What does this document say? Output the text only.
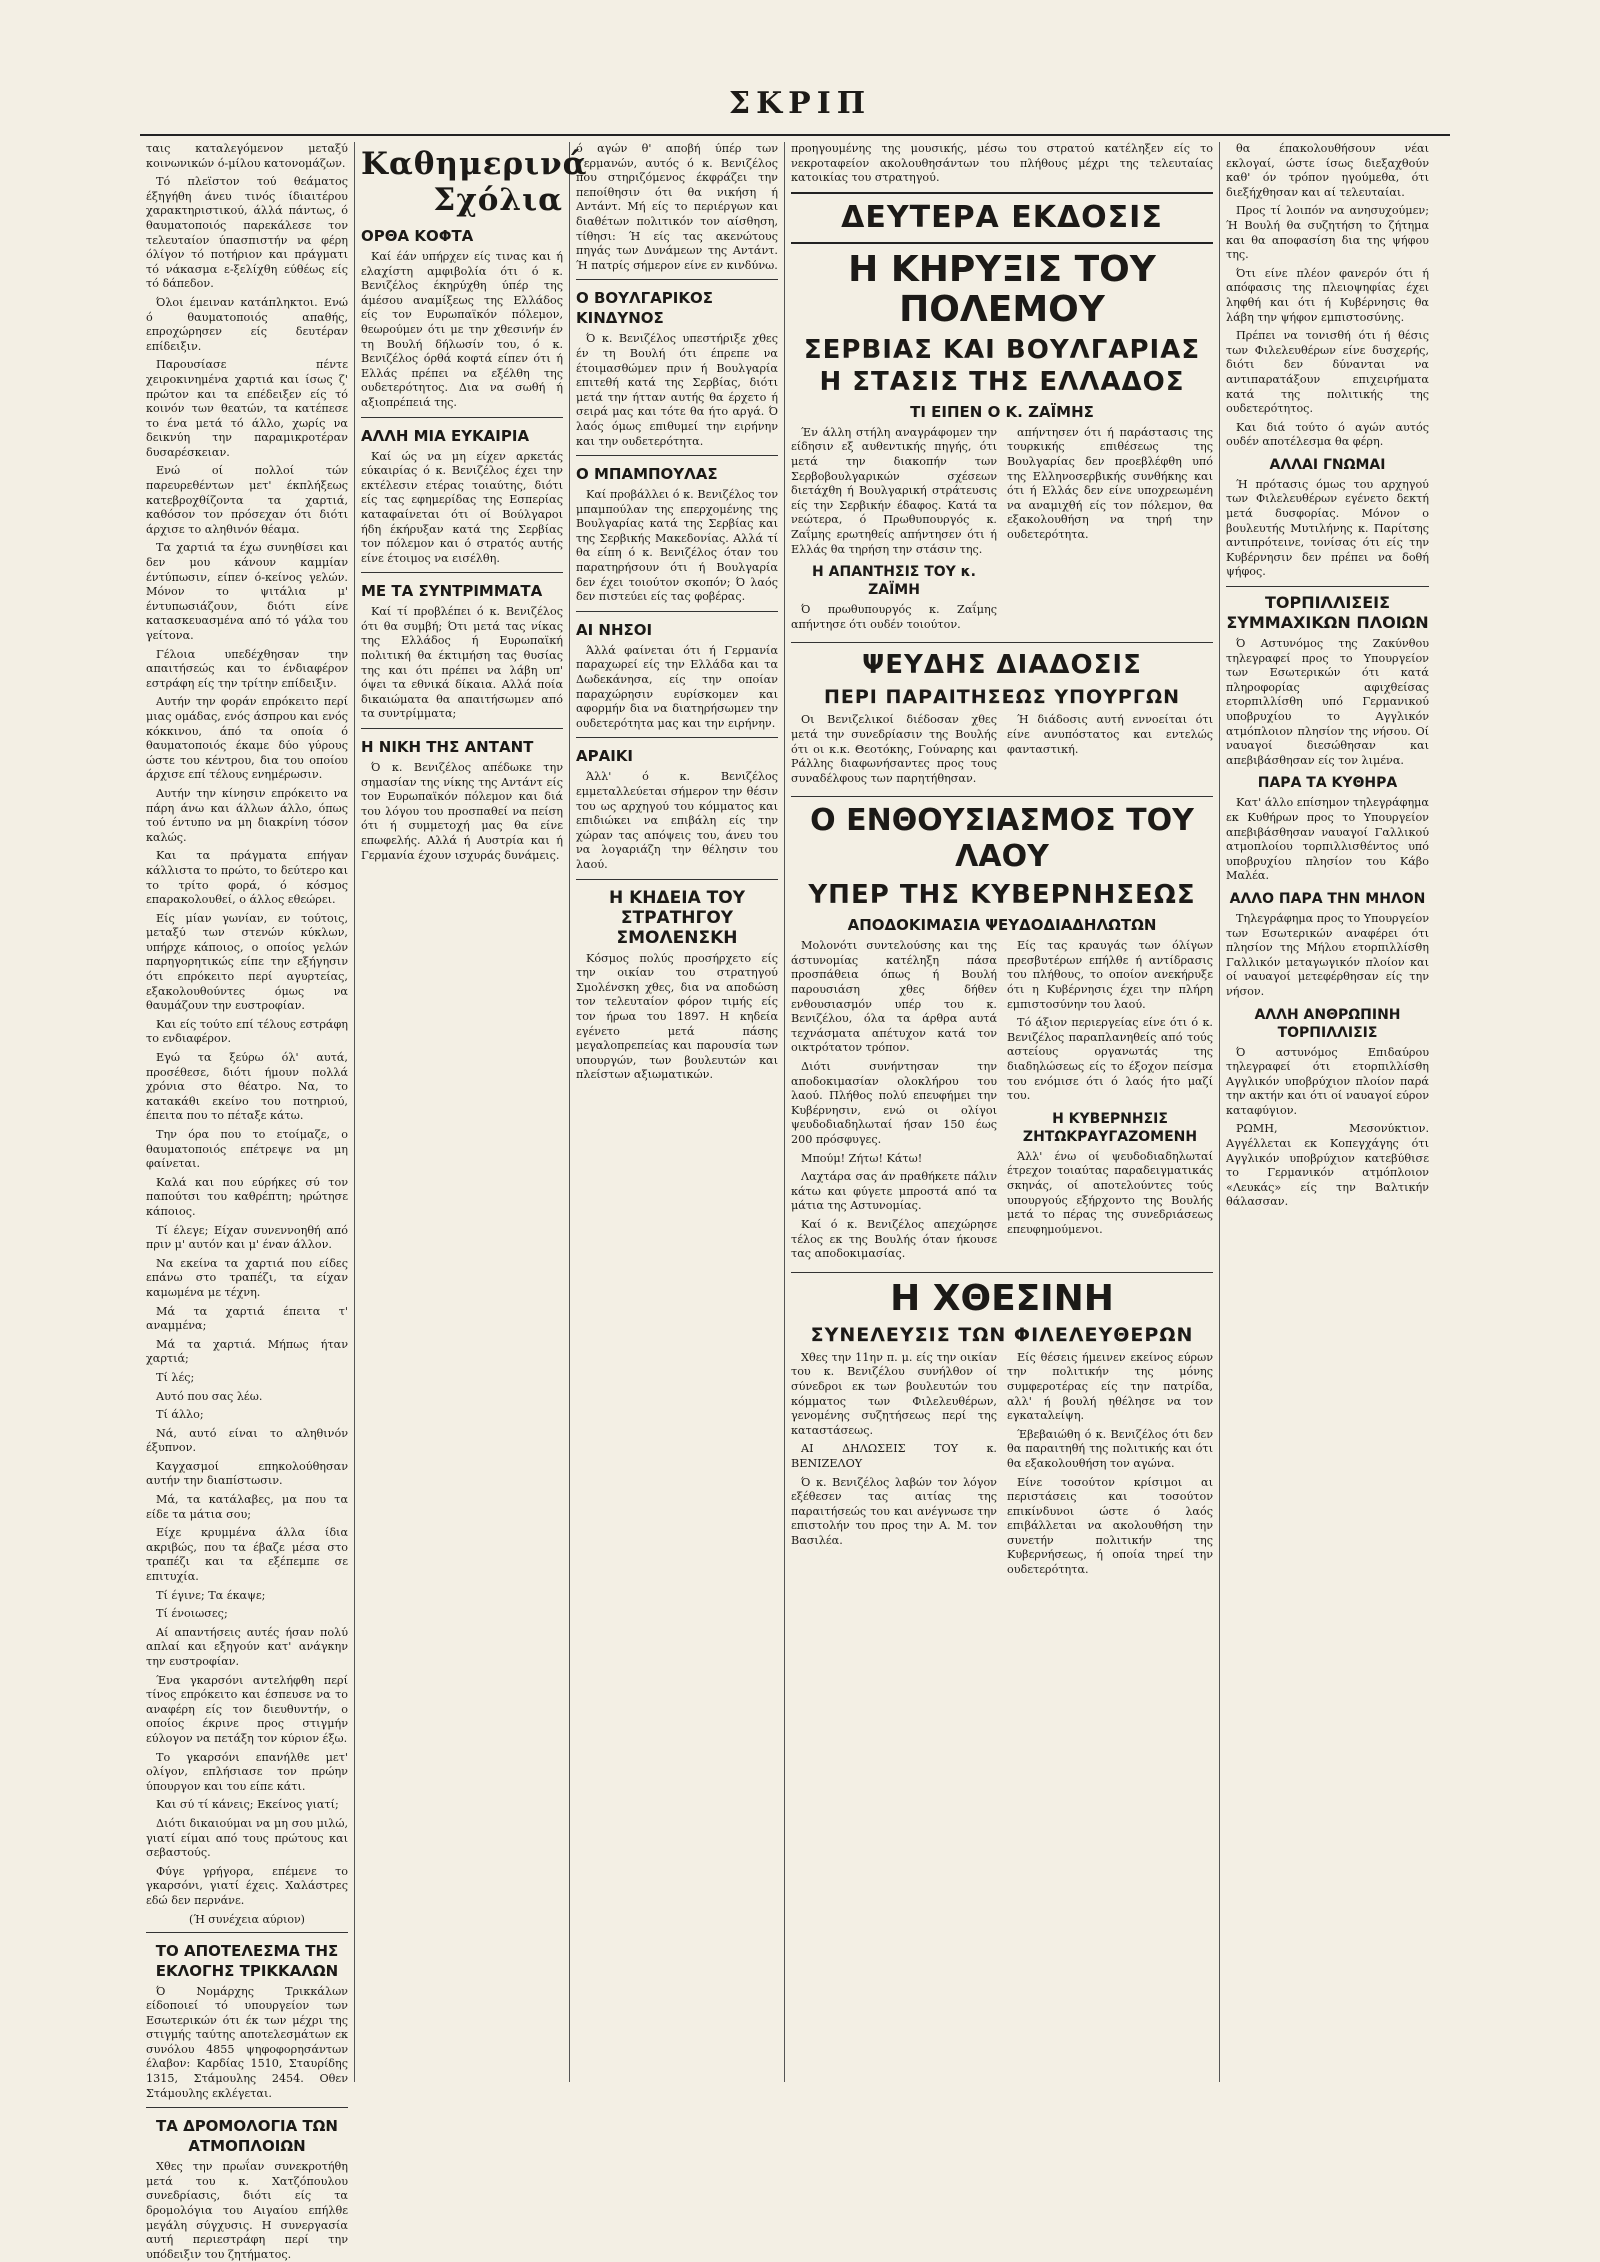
ΣΚΡΙΠ

ταις καταλεγόμενον μεταξύ κοινωνικών ό-μίλου κατονομάζων.

Τό πλεϊστον τού θεάματος έξηγήθη άνευ τινός ίδιαιτέρου χαρακτηριστικού, άλλά πάντως, ό θαυματοποιός παρεκάλεσε τον τελευταίον ύπασπιστήν να φέρη όλίγον τό ποτήριον και πράγματι τό νάκασμα ε-ξελίχθη εύθέως είς τό δάπεδον.

Όλοι έμειναν κατάπληκτοι. Ενώ ό θαυματοποιός απαθής, επροχώρησεν είς δευτέραν επίδειξιν.

Παρουσίασε πέντε χειροκινημένα χαρτιά και ίσως ζ' πρώτον και τα επέδειξεν είς τό κοινόν των θεατών, τα κατέπεσε το ένα μετά τό άλλο, χωρίς να δεικνύη την παραμικροτέραν δυσαρέσκειαν.

Ενώ οί πολλοί τών παρευρεθέντων μετ' έκπλήξεως κατεβροχθίζοντα τα χαρτιά, καθόσον τον πρόσεχαν ότι διότι άρχισε το αληθινόν θέαμα.

Τα χαρτιά τα έχω συνηθίσει και δεν μου κάνουν καμμίαν έντύπωσιν, είπεν ό-κείνος γελών. Μόνον το ψιτάλια μ' έντυπωσιάζουν, διότι είνε κατασκευασμένα από τό γάλα του γείτονα.

Γέλοια υπεδέχθησαν την απαιτήσεώς και το ένδιαφέρον εστράφη είς την τρίτην επίδειξιν.

Αυτήν την φοράν επρόκειτο περί μιας ομάδας, ενός άσπρου και ενός κόκκινου, άπό τα οποία ό θαυματοποιός έκαμε δύο γύρους ώστε του κέντρου, δια του οποίου άρχισε επί τέλους ενημέρωσιν.

Αυτήν την κίνησιν επρόκειτο να πάρη άνω και άλλων άλλο, όπως τού έντυπο να μη διακρίνη τόσον καλώς.

Και τα πράγματα επήγαν κάλλιστα το πρώτο, το δεύτερο και το τρίτο φορά, ό κόσμος επαρακολουθεί, ο άλλος εθεώρει.

Είς μίαν γωνίαν, εν τούτοις, μεταξύ των στενών κύκλων, υπήρχε κάποιος, ο οποίος γελών παρηγορητικώς είπε την εξήγησιν ότι επρόκειτο περί αγυρτείας, εξακολουθούντες όμως να θαυμάζουν την ευστροφίαν.

Και είς τούτο επί τέλους εστράφη το ενδιαφέρον.

Εγώ τα ξεύρω όλ' αυτά, προσέθεσε, διότι ήμουν πολλά χρόνια στο θέατρο. Να, το κατακάθι εκείνο του ποτηριού, έπειτα που το πέταξε κάτω.

Την όρα που το ετοίμαζε, ο θαυματοποιός επέτρεψε να μη φαίνεται.

Καλά και που εύρήκες σύ τον παπούτσι του καθρέπτη; ηρώτησε κάποιος.

Τί έλεγε; Είχαν συνεννοηθή από πριν μ' αυτόν και μ' έναν άλλον.

Να εκείνα τα χαρτιά που είδες επάνω στο τραπέζι, τα είχαν καμωμένα με τέχνη.

Μά τα χαρτιά έπειτα τ' αναμμένα;

Μά τα χαρτιά. Μήπως ήταν χαρτιά;

Τί λές;

Αυτό που σας λέω.

Τί άλλο;

Νά, αυτό είναι το αληθινόν έξυπνον.

Καγχασμοί επηκολούθησαν αυτήν την διαπίστωσιν.

Μά, τα κατάλαβες, μα που τα είδε τα μάτια σου;

Είχε κρυμμένα άλλα ίδια ακριβώς, που τα έβαζε μέσα στο τραπέζι και τα εξέπεμπε σε επιτυχία.

Τί έγινε; Τα έκαψε;

Τί ένοιωσες;

Αί απαντήσεις αυτές ήσαν πολύ απλαί και εξηγούν κατ' ανάγκην την ευστροφίαν.

Ένα γκαρσόνι αντελήφθη περί τίνος επρόκειτο και έσπευσε να το αναφέρη είς τον διευθυντήν, ο οποίος έκρινε προς στιγμήν εύλογον να πετάξη τον κύριον έξω.

Το γκαρσόνι επανήλθε μετ' ολίγον, επλήσιασε τον πρώην ύπουργον και του είπε κάτι.

Και σύ τί κάνεις; Εκείνος γιατί;

Διότι δικαιούμαι να μη σου μιλώ, γιατί είμαι από τους πρώτους και σεβαστούς.

Φύγε γρήγορα, επέμενε το γκαρσόνι, γιατί έχεις. Χαλάστρες εδώ δεν περνάνε.

(Ή συνέχεια αύριον)
ΤΟ ΑΠΟΤΕΛΕΣΜΑ ΤΗΣ ΕΚΛΟΓΗΣ ΤΡΙΚΚΑΛΩΝ

Ό Νομάρχης Τρικκάλων είδοποιεί τό υπουργείον των Εσωτερικών ότι έκ των μέχρι της στιγμής ταύτης αποτελεσμάτων εκ συνόλου 4855 ψηφοφορησάντων έλαβον: Καρδίας 1510, Σταυρίδης 1315, Στάμουλης 2454. Οθεν Στάμουλης εκλέγεται.

ΤΑ ΔΡΟΜΟΛΟΓΙΑ ΤΩΝ ΑΤΜΟΠΛΟΙΩΝ

Χθες την πρωΐαν συνεκροτήθη μετά του κ. Χατζόπουλου συνεδρίασις, διότι είς τα δρομολόγια του Αιγαίου επήλθε μεγάλη σύγχυσις. Η συνεργασία αυτή περιεστράφη περί την υπόδειξιν του ζητήματος.

Καθημερινά
Σχόλια
ΟΡΘΑ ΚΟΦΤΑ

Καί έάν υπήρχεν είς τινας και ή ελαχίστη αμφιβολία ότι ό κ. Βενιζέλος έκηρύχθη ύπέρ της άμέσου αναμίξεως της Ελλάδος είς τον Ευρωπαϊκόν πόλεμον, θεωρούμεν ότι με την χθεσινήν έν τη Βουλή δήλωσίν του, ό κ. Βενιζέλος όρθά κοφτά είπεν ότι ή Ελλάς πρέπει να εξέλθη της ουδετερότητος. Δια να σωθή ή αξιοπρέπειά της.

ΑΛΛΗ ΜΙΑ ΕΥΚΑΙΡΙΑ

Καί ώς να μη είχεν αρκετάς εύκαιρίας ό κ. Βενιζέλος έχει την εκτέλεσιν ετέρας τοιαύτης, διότι είς τας εφημερίδας της Εσπερίας καταφαίνεται ότι οί Βούλγαροι ήδη έκήρυξαν κατά της Σερβίας τον πόλεμον και ό στρατός αυτής είνε έτοιμος να εισέλθη.

ΜΕ ΤΑ ΣΥΝΤΡΙΜΜΑΤΑ

Καί τί προβλέπει ό κ. Βενιζέλος ότι θα συμβή; Ότι μετά τας νίκας της Ελλάδος ή Ευρωπαϊκή πολιτική θα έκτιμήση τας θυσίας της και ότι πρέπει να λάβη υπ' όψει τα εθνικά δίκαια. Αλλά ποία δικαιώματα θα απαιτήσωμεν από τα συντρίμματα;

Η ΝΙΚΗ ΤΗΣ ΑΝΤΑΝΤ

Ό κ. Βενιζέλος απέδωκε την σημασίαν της νίκης της Αντάντ είς τον Ευρωπαϊκόν πόλεμον και διά του λόγου του προσπαθεί να πείση ότι ή συμμετοχή μας θα είνε επωφελής. Αλλά ή Αυστρία και ή Γερμανία έχουν ισχυράς δυνάμεις.

ό αγών θ' αποβή ύπέρ των Γερμανών, αυτός ό κ. Βενιζέλος που στηριζόμενος έκφράζει την πεποίθησιν ότι θα νικήση ή Αντάντ. Μή είς το περιέργων και διαθέτων πολιτικόν τον αίσθηση, τίθησι: Ή είς τας ακενώτους πηγάς των Δυνάμεων της Αντάντ. Ή πατρίς σήμερον είνε εν κινδύνω.

Ο ΒΟΥΛΓΑΡΙΚΟΣ ΚΙΝΔΥΝΟΣ

Ό κ. Βενιζέλος υπεστήριξε χθες έν τη Βουλή ότι έπρεπε να έτοιμασθώμεν πριν ή Βουλγαρία επιτεθή κατά της Σερβίας, διότι μετά την ήτταν αυτής θα έρχετο ή σειρά μας και τότε θα ήτο αργά. Ό λαός όμως επιθυμεί την ειρήνην και την ουδετερότητα.

Ο ΜΠΑΜΠΟΥΛΑΣ

Καί προβάλλει ό κ. Βενιζέλος τον μπαμπούλαν της επερχομένης της Βουλγαρίας κατά της Σερβίας και της Σερβικής Μακεδονίας. Αλλά τί θα είπη ό κ. Βενιζέλος όταν του παρατηρήσουν ότι ή Βουλγαρία δεν έχει τοιούτον σκοπόν; Ό λαός δεν πιστεύει είς τας φοβέρας.

ΑΙ ΝΗΣΟΙ

Άλλά φαίνεται ότι ή Γερμανία παραχωρεί είς την Ελλάδα και τα Δωδεκάνησα, είς την οποίαν παραχώρησιν ευρίσκομεν και αφορμήν δια να διατηρήσωμεν την ουδετερότητα μας και την ειρήνην.

ΑΡΑΙΚΙ

Άλλ' ό κ. Βενιζέλος εμμεταλλεύεται σήμερον την θέσιν του ως αρχηγού του κόμματος και επιδιώκει να επιβάλη είς την χώραν τας απόψεις του, άνευ του να λογαριάζη την θέλησιν του λαού.

Η ΚΗΔΕΙΑ ΤΟΥ ΣΤΡΑΤΗΓΟΥ ΣΜΟΛΕΝΣΚΗ

Κόσμος πολύς προσήρχετο είς την οικίαν του στρατηγού Σμολένσκη χθες, δια να αποδώση τον τελευταίον φόρον τιμής είς τον ήρωα του 1897. Η κηδεία εγένετο μετά πάσης μεγαλοπρεπείας και παρουσία των υπουργών, των βουλευτών και πλείστων αξιωματικών.

προηγουμένης της μουσικής, μέσω του στρατού κατέληξεν είς το νεκροταφείον ακολουθησάντων του πλήθους μέχρι της τελευταίας κατοικίας του στρατηγού.

ΔΕΥΤΕΡΑ ΕΚΔΟΣΙΣ
Η ΚΗΡΥΞΙΣ ΤΟΥ ΠΟΛΕΜΟΥ
ΣΕΡΒΙΑΣ ΚΑΙ ΒΟΥΛΓΑΡΙΑΣ
Η ΣΤΑΣΙΣ ΤΗΣ ΕΛΛΑΔΟΣ
ΤΙ ΕΙΠΕΝ Ο Κ. ΖΑΪΜΗΣ

Έν άλλη στήλη αναγράφομεν την είδησιν εξ αυθεντικής πηγής, ότι μετά την διακοπήν των Σερβοβουλγαρικών σχέσεων διετάχθη ή Βουλγαρική στράτευσις είς την Σερβικήν έδαφος. Κατά τα νεώτερα, ό Πρωθυπουργός κ. Ζαΐμης ερωτηθείς απήντησεν ότι ή Ελλάς θα τηρήση την στάσιν της.

Η ΑΠΑΝΤΗΣΙΣ ΤΟΥ κ. ΖΑΪΜΗ

Ό πρωθυπουργός κ. Ζαΐμης απήντησε ότι ουδέν τοιούτον.

απήντησεν ότι ή παράστασις της τουρκικής επιθέσεως της Βουλγαρίας δεν προεβλέφθη υπό της Ελληνοσερβικής συνθήκης και ότι ή Ελλάς δεν είνε υποχρεωμένη να αναμιχθή είς τον πόλεμον, θα εξακολουθήση να τηρή την ουδετερότητα.

ΨΕΥΔΗΣ ΔΙΑΔΟΣΙΣ
ΠΕΡΙ ΠΑΡΑΙΤΗΣΕΩΣ ΥΠΟΥΡΓΩΝ

Οι Βενιζελικοί διέδοσαν χθες μετά την συνεδρίασιν της Βουλής ότι οι κ.κ. Θεοτόκης, Γούναρης και Ράλλης διαφωνήσαντες προς τους συναδέλφους των παρητήθησαν.

Ή διάδοσις αυτή εννοείται ότι είνε ανυπόστατος και εντελώς φανταστική.

Ο ΕΝΘΟΥΣΙΑΣΜΟΣ ΤΟΥ ΛΑΟΥ
ΥΠΕΡ ΤΗΣ ΚΥΒΕΡΝΗΣΕΩΣ
ΑΠΟΔΟΚΙΜΑΣΙΑ ΨΕΥΔΟΔΙΑΔΗΛΩΤΩΝ

Μολονότι συντελούσης και της άστυνομίας κατέληξη πάσα προσπάθεια όπως ή Βουλή παρουσιάση χθες δήθεν ενθουσιασμόν υπέρ του κ. Βενιζέλου, όλα τα άρθρα αυτά τεχνάσματα απέτυχον κατά τον οικτρότατον τρόπον.

Διότι συνήντησαν την αποδοκιμασίαν ολοκλήρου του λαού. Πλήθος πολύ επευφήμει την Κυβέρνησιν, ενώ οι ολίγοι ψευδοδιαδηλωταί ήσαν 150 έως 200 πρόσφυγες.

Μπούμ! Ζήτω! Κάτω!

Λαχτάρα σας άν πραθήκετε πάλιν κάτω και φύγετε μπροστά από τα μάτια της Αστυνομίας.

Καί ό κ. Βενιζέλος απεχώρησε τέλος εκ της Βουλής όταν ήκουσε τας αποδοκιμασίας.

Είς τας κραυγάς των όλίγων πρεσβυτέρων επήλθε ή αντίδρασις του πλήθους, το οποίον ανεκήρυξε ότι η Κυβέρνησις έχει την πλήρη εμπιστοσύνην του λαού.

Τό άξιον περιεργείας είνε ότι ό κ. Βενιζέλος παραπλανηθείς από τούς αστείους οργανωτάς της διαδηλώσεως είς το έξοχον πείσμα του ενόμισε ότι ό λαός ήτο μαζί του.

Η ΚΥΒΕΡΝΗΣΙΣ ΖΗΤΩΚΡΑΥΓΑΖΟΜΕΝΗ

Άλλ' ένω οί ψευδοδιαδηλωταί έτρεχον τοιαύτας παραδειγματικάς σκηνάς, οί αποτελούντες τούς υπουργούς εξήρχοντο της Βουλής μετά το πέρας της συνεδριάσεως επευφημούμενοι.

Η ΧΘΕΣΙΝΗ
ΣΥΝΕΛΕΥΣΙΣ ΤΩΝ ΦΙΛΕΛΕΥΘΕΡΩΝ

Χθες την 11ην π. μ. είς την οικίαν του κ. Βενιζέλου συνήλθον οί σύνεδροι εκ των βουλευτών του κόμματος των Φιλελευθέρων, γενομένης συζητήσεως περί της καταστάσεως.

ΑΙ ΔΗΛΩΣΕΙΣ ΤΟΥ κ. ΒΕΝΙΖΕΛΟΥ

Ό κ. Βενιζέλος λαβών τον λόγον εξέθεσεν τας αιτίας της παραιτήσεώς του και ανέγνωσε την επιστολήν του προς την Α. Μ. τον Βασιλέα.

Είς θέσεις ήμεινεν εκείνος εύρων την πολιτικήν της μόνης συμφεροτέρας είς την πατρίδα, αλλ' ή βουλή ηθέλησε να τον εγκαταλείψη.

Έβεβαιώθη ό κ. Βενιζέλος ότι δεν θα παραιτηθή της πολιτικής και ότι θα εξακολουθήση τον αγώνα.

Είνε τοσούτον κρίσιμοι αι περιστάσεις και τοσούτον επικίνδυνοι ώστε ό λαός επιβάλλεται να ακολουθήση την συνετήν πολιτικήν της Κυβερνήσεως, ή οποία τηρεί την ουδετερότητα.

θα έπακολουθήσουν νέαι εκλογαί, ώστε ίσως διεξαχθούν καθ' όν τρόπον ηγούμεθα, ότι διεξήχθησαν και αί τελευταίαι.

Προς τί λοιπόν να ανησυχούμεν; Ή Βουλή θα συζητήση το ζήτημα και θα αποφασίση δια της ψήφου της.

Ότι είνε πλέον φανερόν ότι ή απόφασις της πλειοψηφίας έχει ληφθή και ότι ή Κυβέρνησις θα λάβη την ψήφον εμπιστοσύνης.

Πρέπει να τονισθή ότι ή θέσις των Φιλελευθέρων είνε δυσχερής, διότι δεν δύνανται να αντιπαρατάξουν επιχειρήματα κατά της πολιτικής της ουδετερότητος.

Και διά τούτο ό αγών αυτός ουδέν αποτέλεσμα θα φέρη.

ΑΛΛΑΙ ΓΝΩΜΑΙ

Ή πρότασις όμως του αρχηγού των Φιλελευθέρων εγένετο δεκτή μετά δυσφορίας. Μόνον ο βουλευτής Μυτιλήνης κ. Παρίτσης αντιπρότεινε, τονίσας ότι είς την Κυβέρνησιν δεν πρέπει να δοθή ψήφος.

ΤΟΡΠΙΛΛΙΣΕΙΣ ΣΥΜΜΑΧΙΚΩΝ ΠΛΟΙΩΝ

Ό Αστυνόμος της Ζακύνθου τηλεγραφεί προς το Υπουργείον των Εσωτερικών ότι κατά πληροφορίας αφιχθείσας ετορπιλλίσθη υπό Γερμανικού υποβρυχίου το Αγγλικόν ατμόπλοιον πλησίον της νήσου. Οί ναυαγοί διεσώθησαν και απεβιβάσθησαν είς τον λιμένα.

ΠΑΡΑ ΤΑ ΚΥΘΗΡΑ

Κατ' άλλο επίσημον τηλεγράφημα εκ Κυθήρων προς το Υπουργείον απεβιβάσθησαν ναυαγοί Γαλλικού ατμοπλοίου τορπιλλισθέντος υπό υποβρυχίου πλησίον του Κάβο Μαλέα.

ΑΛΛΟ ΠΑΡΑ ΤΗΝ ΜΗΛΟΝ

Τηλεγράφημα προς το Υπουργείον των Εσωτερικών αναφέρει ότι πλησίον της Μήλου ετορπιλλίσθη Γαλλικόν μεταγωγικόν πλοίον και οί ναυαγοί μετεφέρθησαν είς την νήσον.

ΑΛΛΗ ΑΝΘΡΩΠΙΝΗ ΤΟΡΠΙΛΛΙΣΙΣ

Ό αστυνόμος Επιδαύρου τηλεγραφεί ότι ετορπιλλίσθη Αγγλικόν υποβρύχιον πλοίον παρά την ακτήν και ότι οί ναυαγοί εύρον καταφύγιον.

ΡΩΜΗ, Μεσονύκτιον. Αγγέλλεται εκ Κοπεγχάγης ότι Αγγλικόν υποβρύχιον κατεβύθισε το Γερμανικόν ατμόπλοιον «Λευκάς» είς την Βαλτικήν θάλασσαν.
